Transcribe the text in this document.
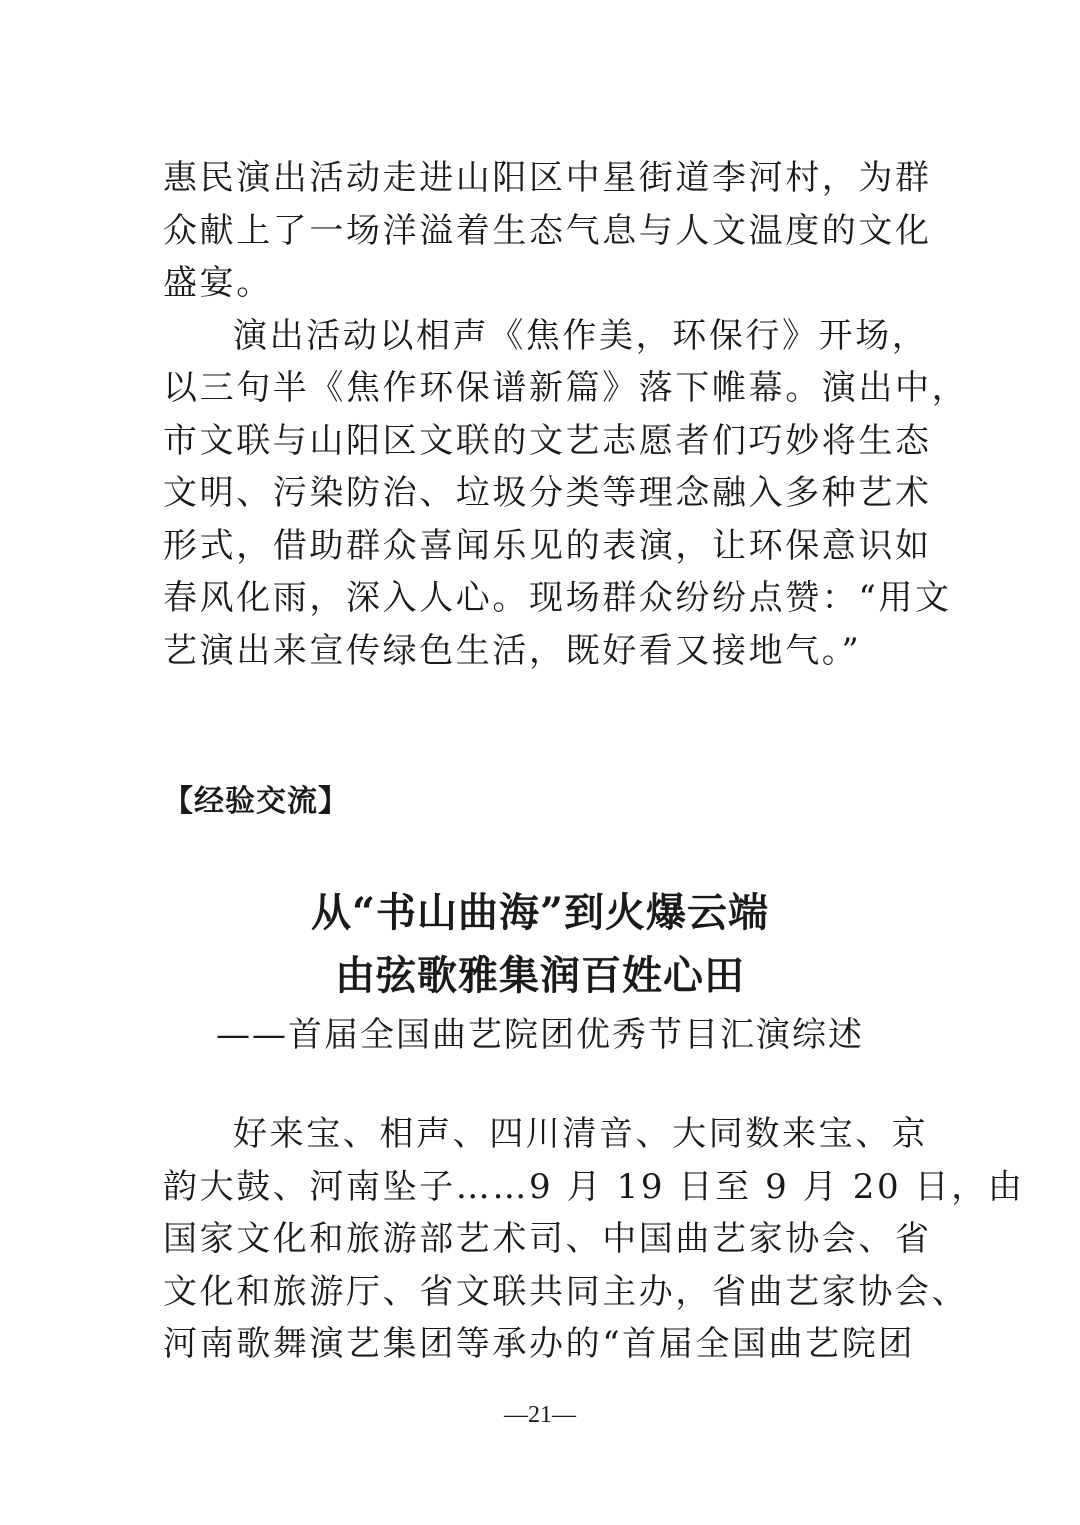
惠民演出活动走进山阳区中星街道李河村，为群
众献上了一场洋溢着生态气息与人文温度的文化
盛宴。
演出活动以相声《焦作美，环保行》开场，
以三句半《焦作环保谱新篇》落下帷幕。演出中，
市文联与山阳区文联的文艺志愿者们巧妙将生态
文明、污染防治、垃圾分类等理念融入多种艺术
形式，借助群众喜闻乐见的表演，让环保意识如
春风化雨，深入人心。现场群众纷纷点赞：“用文
艺演出来宣传绿色生活，既好看又接地气。”
【经验交流】
从“书山曲海”到火爆云端
由弦歌雅集润百姓心田
——首届全国曲艺院团优秀节目汇演综述
好来宝、相声、四川清音、大同数来宝、京
韵大鼓、河南坠子……9 月 19 日至 9 月 20 日，由
国家文化和旅游部艺术司、中国曲艺家协会、省
文化和旅游厅、省文联共同主办，省曲艺家协会、
河南歌舞演艺集团等承办的“首届全国曲艺院团
—21—
